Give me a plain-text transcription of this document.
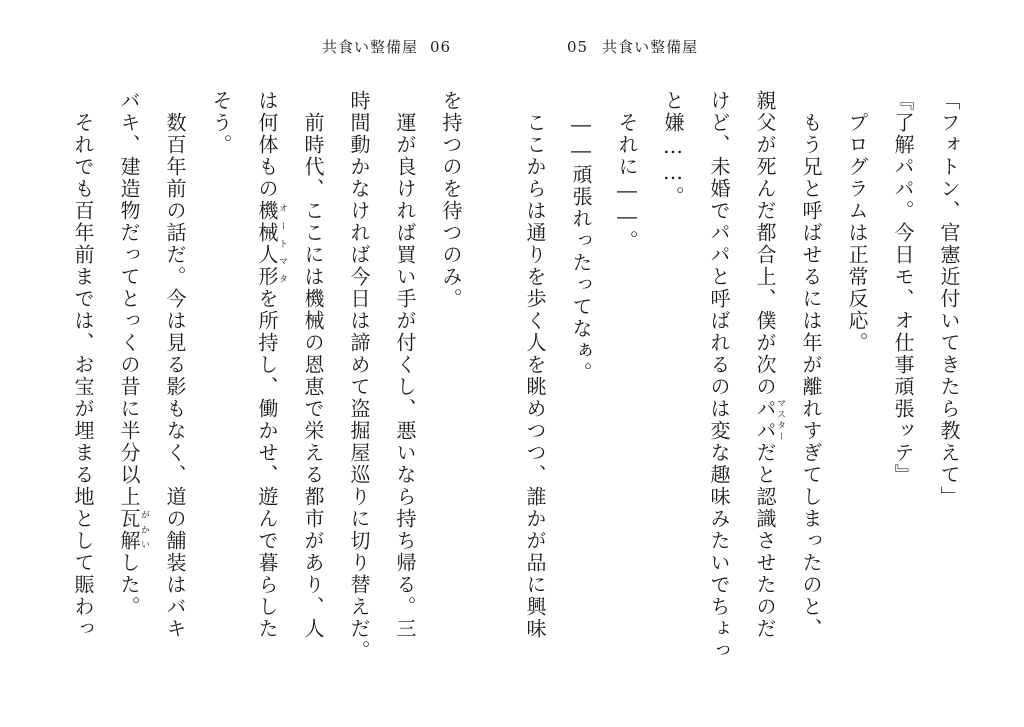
共食い整備屋 06
を持つのを待つのみ。
　運が良ければ買い手が付くし、悪いなら持ち帰る。三
時間動かなければ今日は諦めて盗掘屋巡りに切り替えだ。
　前時代、ここには機械の恩恵で栄える都市があり、人
は何体もの機械人形オートマタを所持し、働かせ、遊んで暮らした
そう。
　数百年前の話だ。今は見る影もなく、道の舗装はバキ
バキ、建造物だってとっくの昔に半分以上瓦解がかいした。
　それでも百年前までは、お宝が埋まる地として賑わっ
05 共食い整備屋
「フォトン、官憲近付いてきたら教えて」
『了解パパ。今日モ、オ仕事頑張ッテ』
　プログラムは正常反応。
　もう兄と呼ばせるには年が離れすぎてしまったのと、
親父が死んだ都合上、僕が次のパパマスターだと認識させたのだ
けど、未婚でパパと呼ばれるのは変な趣味みたいでちょっ
と嫌……。
　それに――。
　――頑張れったってなぁ。
　ここからは通りを歩く人を眺めつつ、誰かが品に興味
